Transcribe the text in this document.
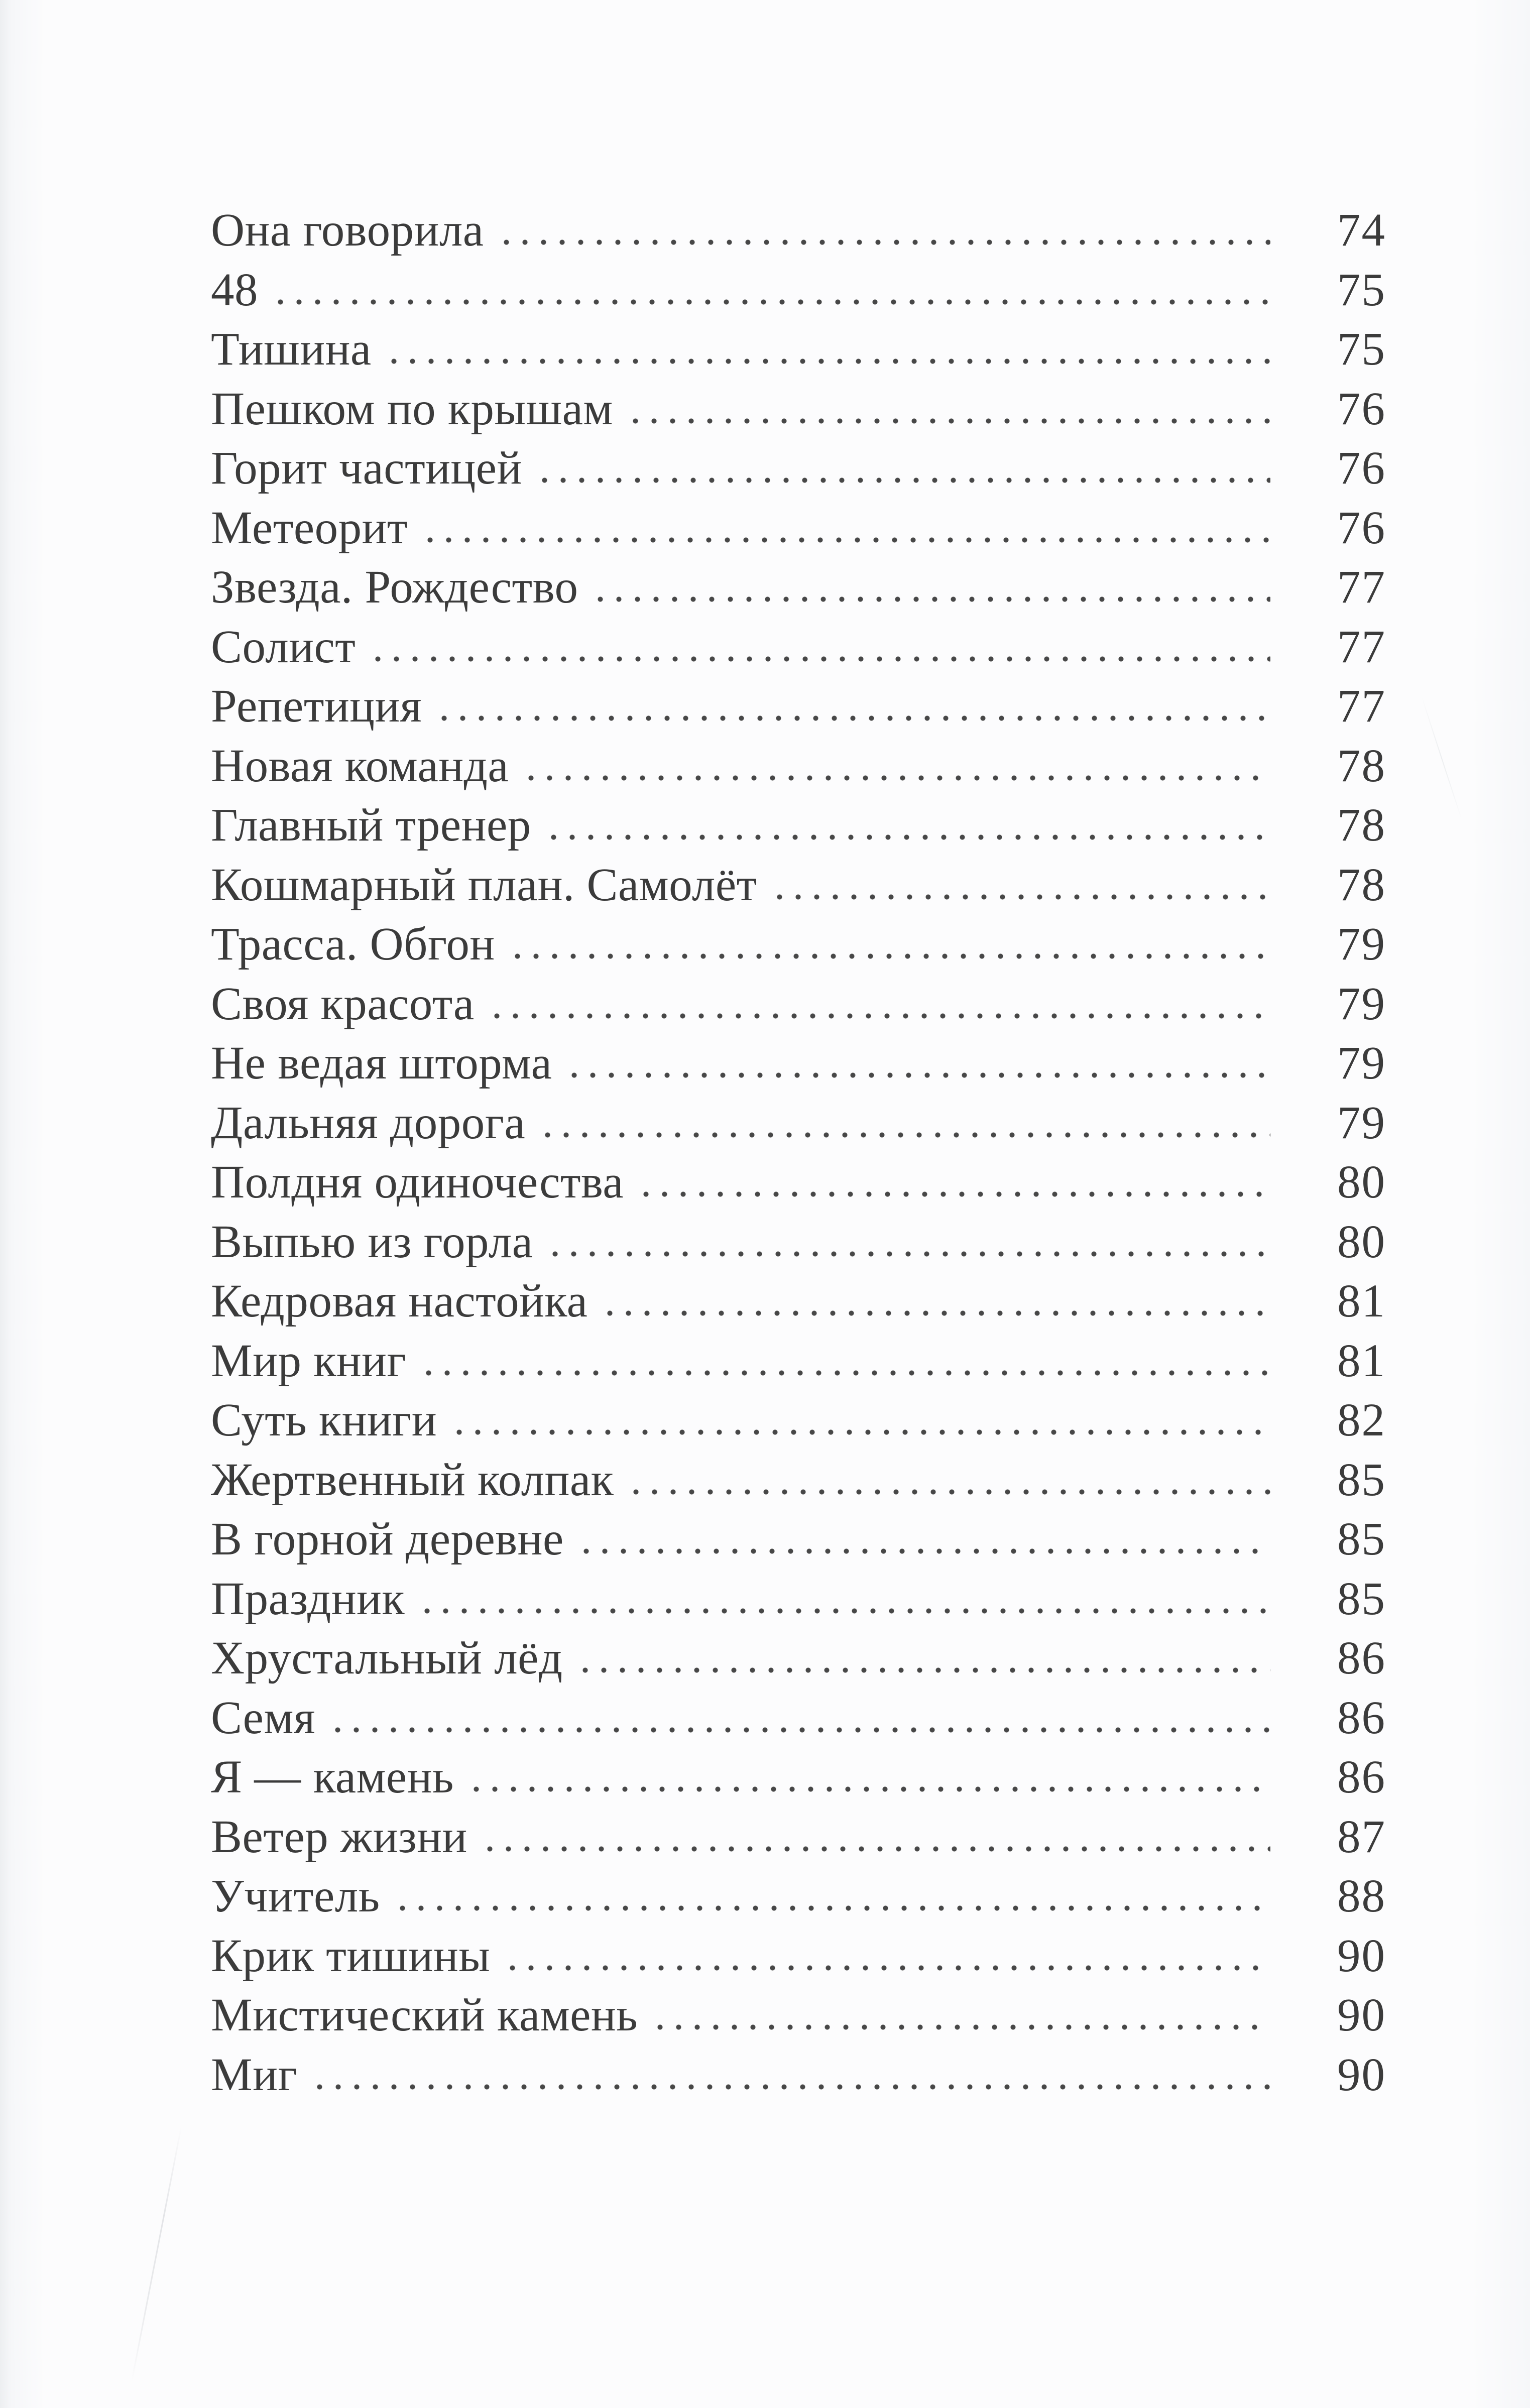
Она говорила	74
48	75
Тишина	75
Пешком по крышам	76
Горит частицей	76
Метеорит	76
Звезда. Рождество	77
Солист	77
Репетиция	77
Новая команда	78
Главный тренер	78
Кошмарный план. Самолёт	78
Трасса. Обгон	79
Своя красота	79
Не ведая шторма	79
Дальняя дорога	79
Полдня одиночества	80
Выпью из горла	80
Кедровая настойка	81
Мир книг	81
Суть книги	82
Жертвенный колпак	85
В горной деревне	85
Праздник	85
Хрустальный лёд	86
Семя	86
Я — камень	86
Ветер жизни	87
Учитель	88
Крик тишины	90
Мистический камень	90
Миг	90
